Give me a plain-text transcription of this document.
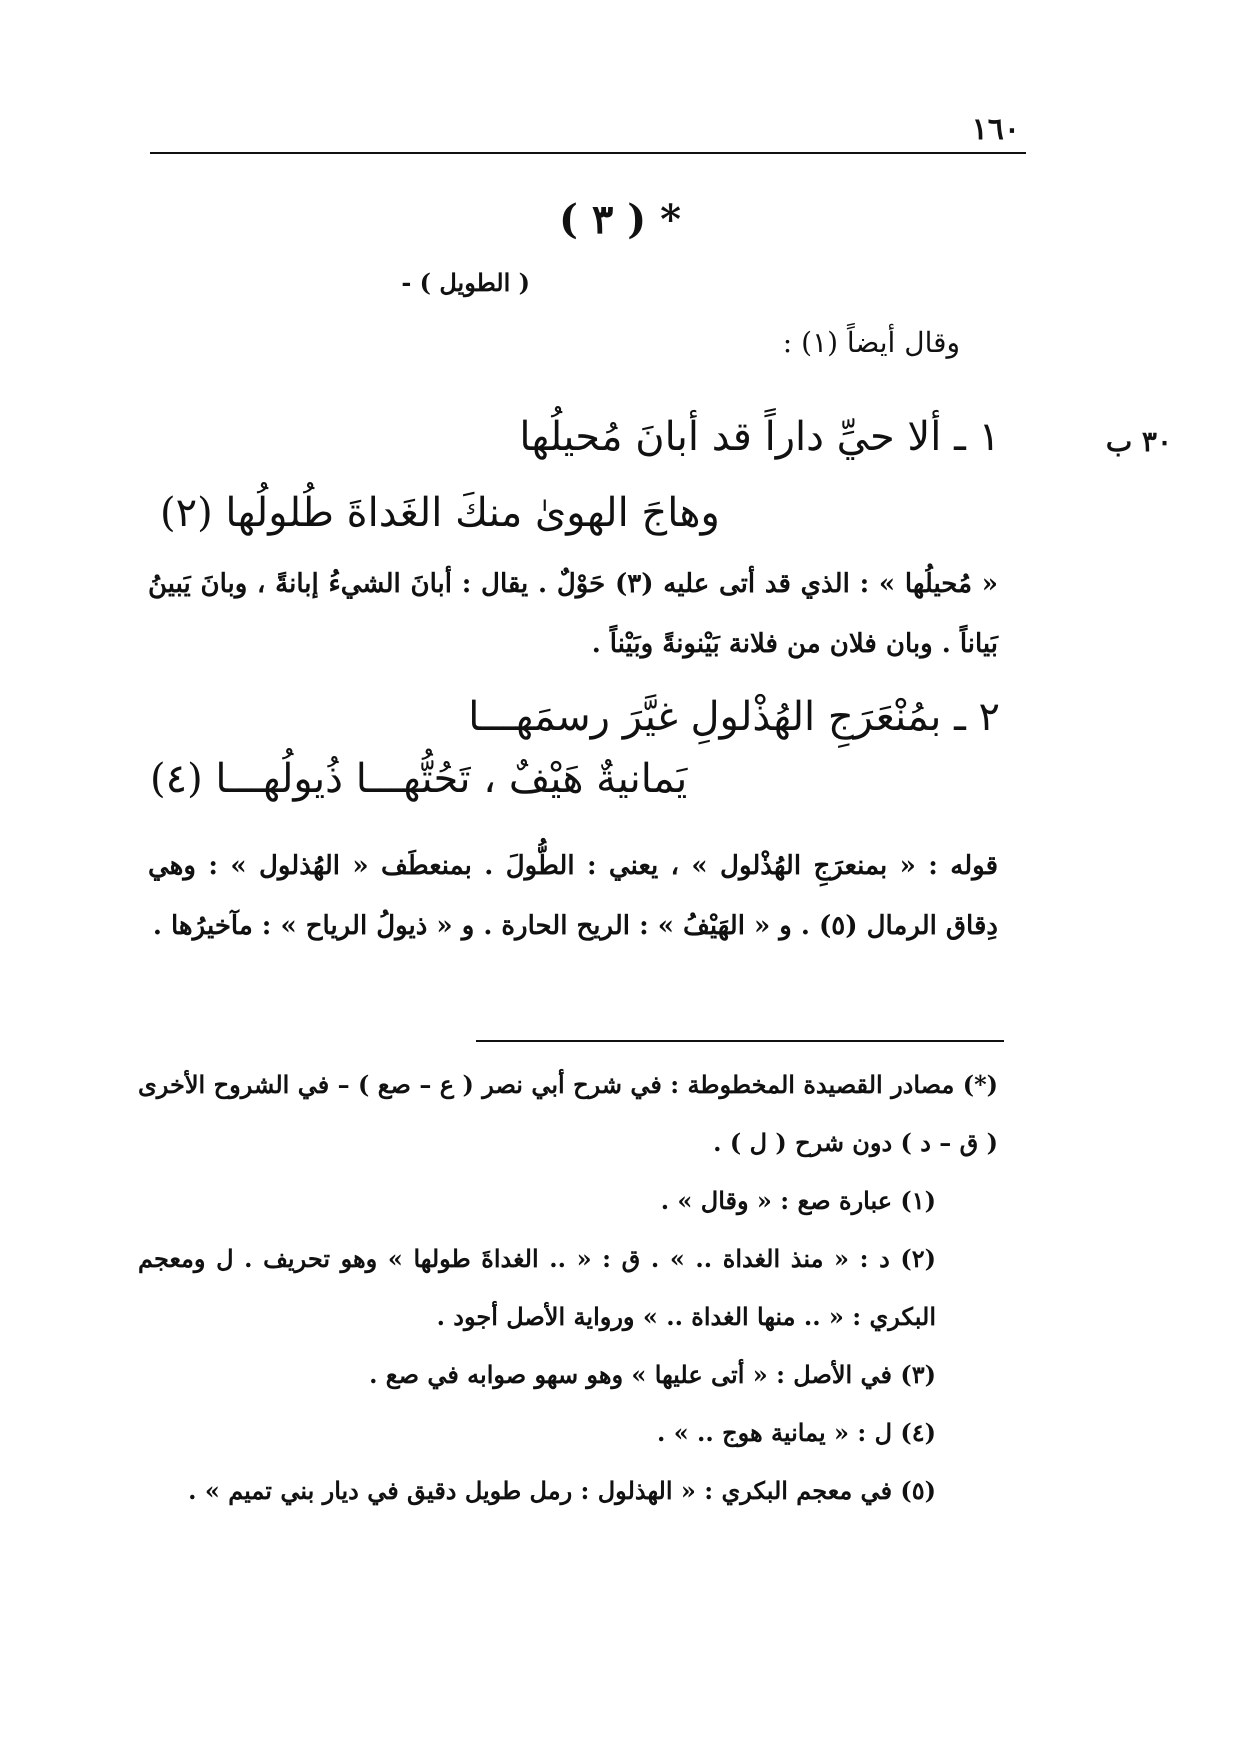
١٦٠
* ( ٣ )
( الطويل ) -
وقال أيضاً (١) :
٣٠ ب
١ ـ ألا حيِّ داراً قد أبانَ مُحيلُها
وهاجَ الهوىٰ منكَ الغَداةَ طُلولُها (٢)
« مُحيلُها » : الذي قد أتى عليه (٣) حَوْلٌ . يقال : أبانَ الشيءُ إبانةً ، وبانَ يَبينُ بَياناً . وبان فلان من فلانة بَيْنونةً وبَيْناً .
٢ ـ بمُنْعَرَجِ الهُذْلولِ غيَّرَ رسمَهـــا
يَمانيةٌ هَيْفٌ ، تَحُتُّهـــا ذُيولُهـــا (٤)
قوله : « بمنعرَجِ الهُذْلول » ، يعني : الطُّولَ . بمنعطَف « الهُذلول » : وهي دِقاق الرمال (٥) . و « الهَيْفُ » : الريح الحارة . و « ذيولُ الرياح » : مآخيرُها .

(*) مصادر القصيدة المخطوطة : في شرح أبي نصر ( ع – صع ) – في الشروح الأخرى ( ق – د ) دون شرح ( ل ) .

(١) عبارة صع : « وقال » .

(٢) د : « منذ الغداة .. » . ق : « .. الغداةَ طولها » وهو تحريف . ل ومعجم البكري : « .. منها الغداة .. » ورواية الأصل أجود .

(٣) في الأصل : « أتى عليها » وهو سهو صوابه في صع .

(٤) ل : « يمانية هوج .. » .

(٥) في معجم البكري : « الهذلول : رمل طويل دقيق في ديار بني تميم » .
